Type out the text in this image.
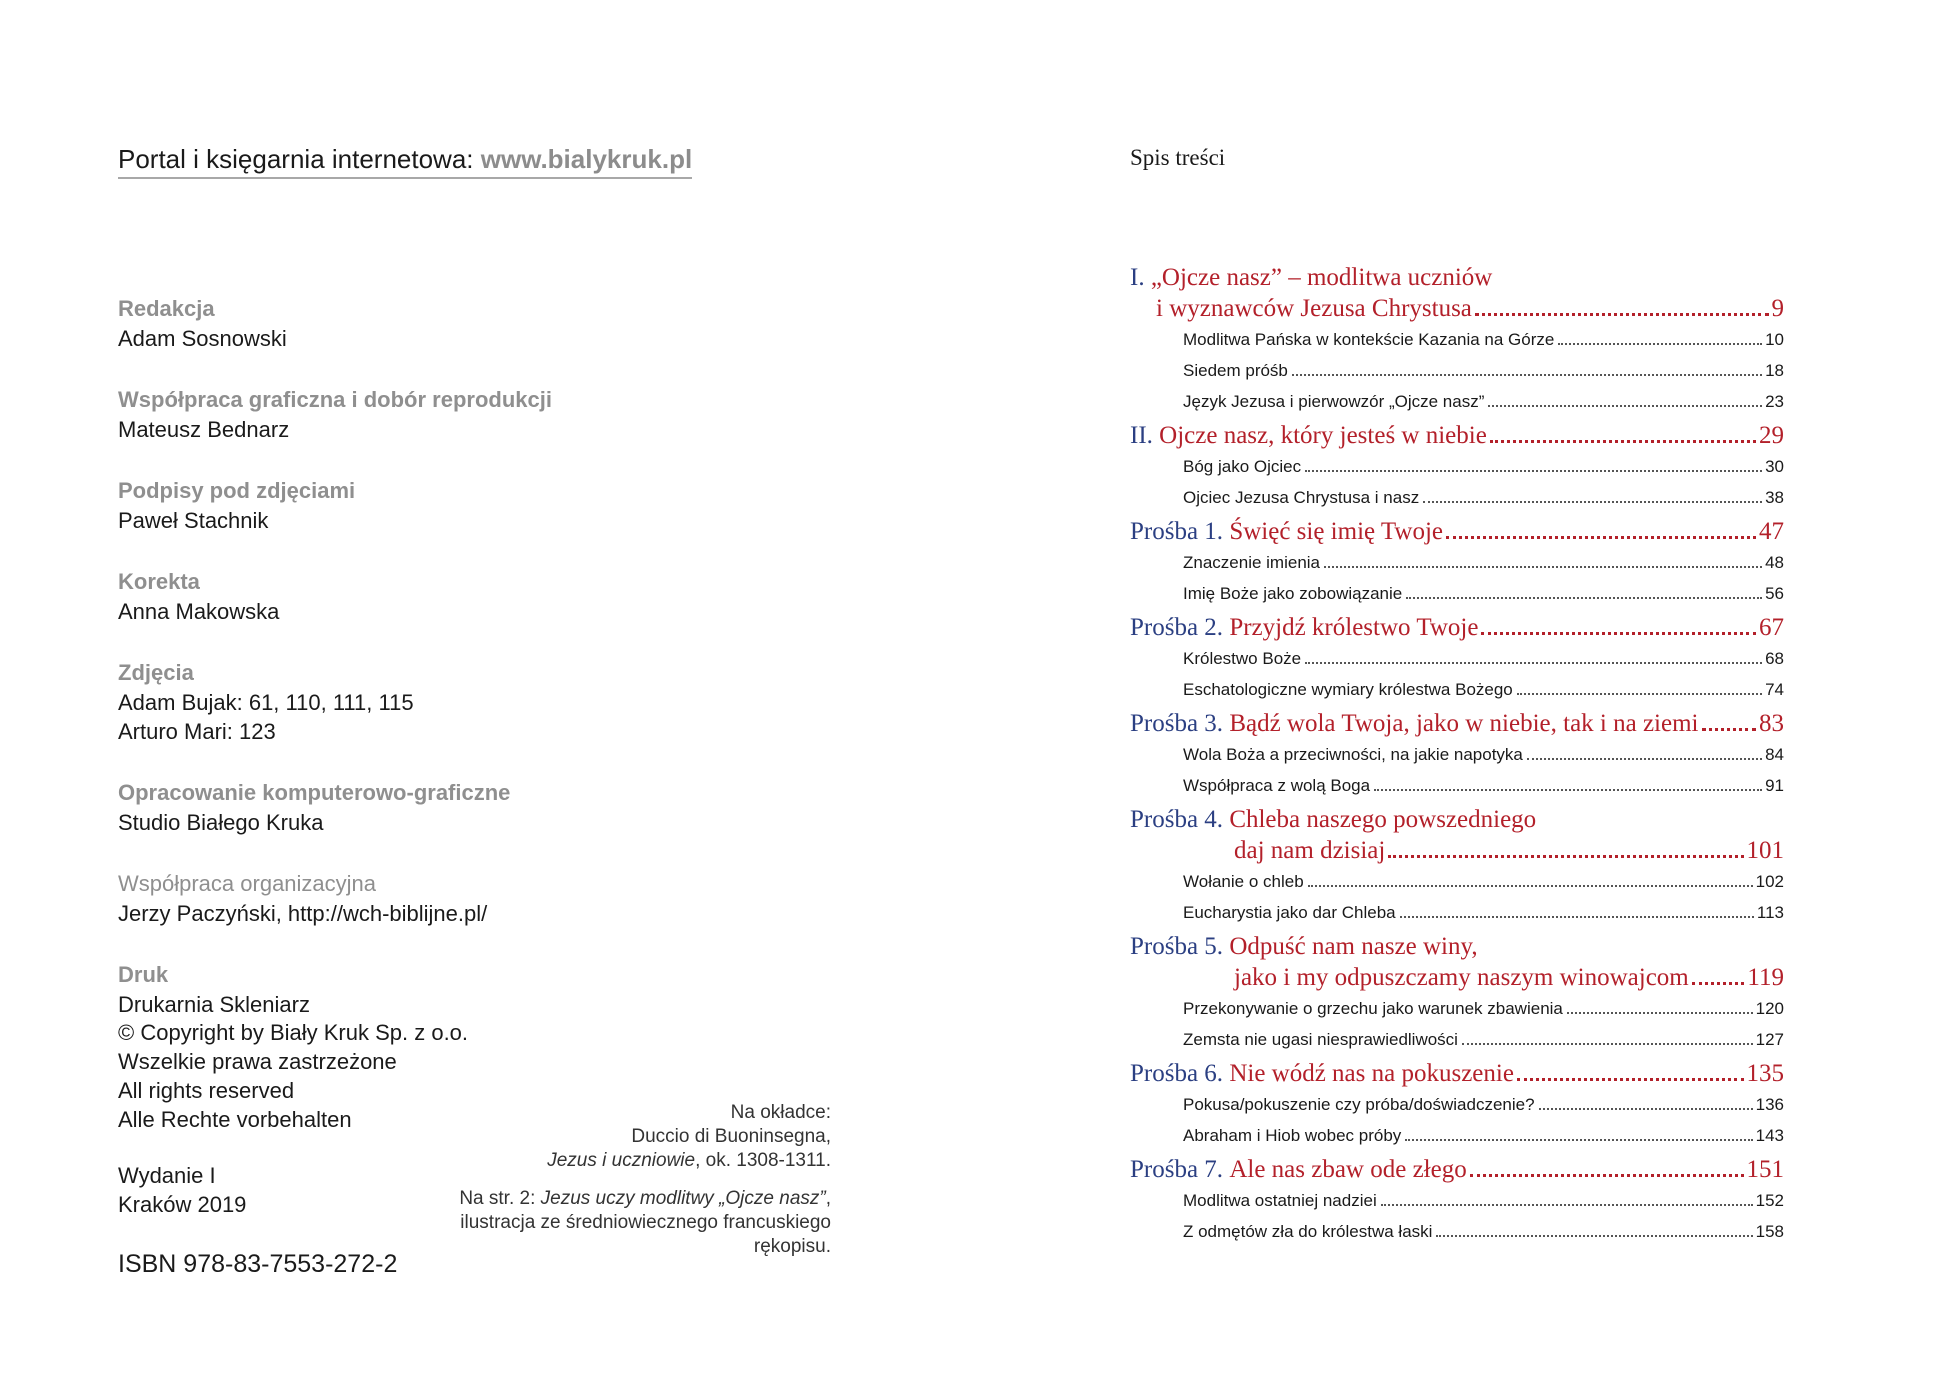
Portal i księgarnia internetowa: www.bialykruk.pl
Redakcja
Adam Sosnowski
Współpraca graficzna i dobór reprodukcji
Mateusz Bednarz
Podpisy pod zdjęciami
Paweł Stachnik
Korekta
Anna Makowska
Zdjęcia
Adam Bujak: 61, 110, 111, 115
Arturo Mari: 123
Opracowanie komputerowo-graficzne
Studio Białego Kruka
Współpraca organizacyjna
Jerzy Paczyński, http://wch-biblijne.pl/
Druk
Drukarnia Skleniarz
© Copyright by Biały Kruk Sp. z o.o.
Wszelkie prawa zastrzeżone
All rights reserved
Alle Rechte vorbehalten
Wydanie I
Kraków 2019
ISBN 978-83-7553-272-2
Na okładce:
Duccio di Buoninsegna,
Jezus i uczniowie, ok. 1308-1311.
Na str. 2: Jezus uczy modlitwy „Ojcze nasz”, ilustracja ze średniowiecznego francuskiego rękopisu.
Spis treści
I.
„Ojcze nasz” – modlitwa uczniów
i wyznawców Jezusa Chrystusa	9
Modlitwa Pańska w kontekście Kazania na Górze	10
Siedem próśb	18
Język Jezusa i pierwowzór „Ojcze nasz”	23
II.
Ojcze nasz, który jesteś w niebie	29
Bóg jako Ojciec	30
Ojciec Jezusa Chrystusa i nasz	38
Prośba 1.
Święć się imię Twoje	47
Znaczenie imienia	48
Imię Boże jako zobowiązanie	56
Prośba 2.
Przyjdź królestwo Twoje	67
Królestwo Boże	68
Eschatologiczne wymiary królestwa Bożego	74
Prośba 3.
Bądź wola Twoja, jako w niebie, tak i na ziemi 83
Wola Boża a przeciwności, na jakie napotyka	84
Współpraca z wolą Boga	91
Prośba 4.
Chleba naszego powszedniego
daj nam dzisiaj	101
Wołanie o chleb	102
Eucharystia jako dar Chleba	113
Prośba 5.
Odpuść nam nasze winy,
jako i my odpuszczamy naszym winowajcom 119
Przekonywanie o grzechu jako warunek zbawienia	120
Zemsta nie ugasi niesprawiedliwości	127
Prośba 6.
Nie wódź nas na pokuszenie	135
Pokusa/pokuszenie czy próba/doświadczenie?	136
Abraham i Hiob wobec próby	143
Prośba 7.
Ale nas zbaw ode złego	151
Modlitwa ostatniej nadziei	152
Z odmętów zła do królestwa łaski	158
